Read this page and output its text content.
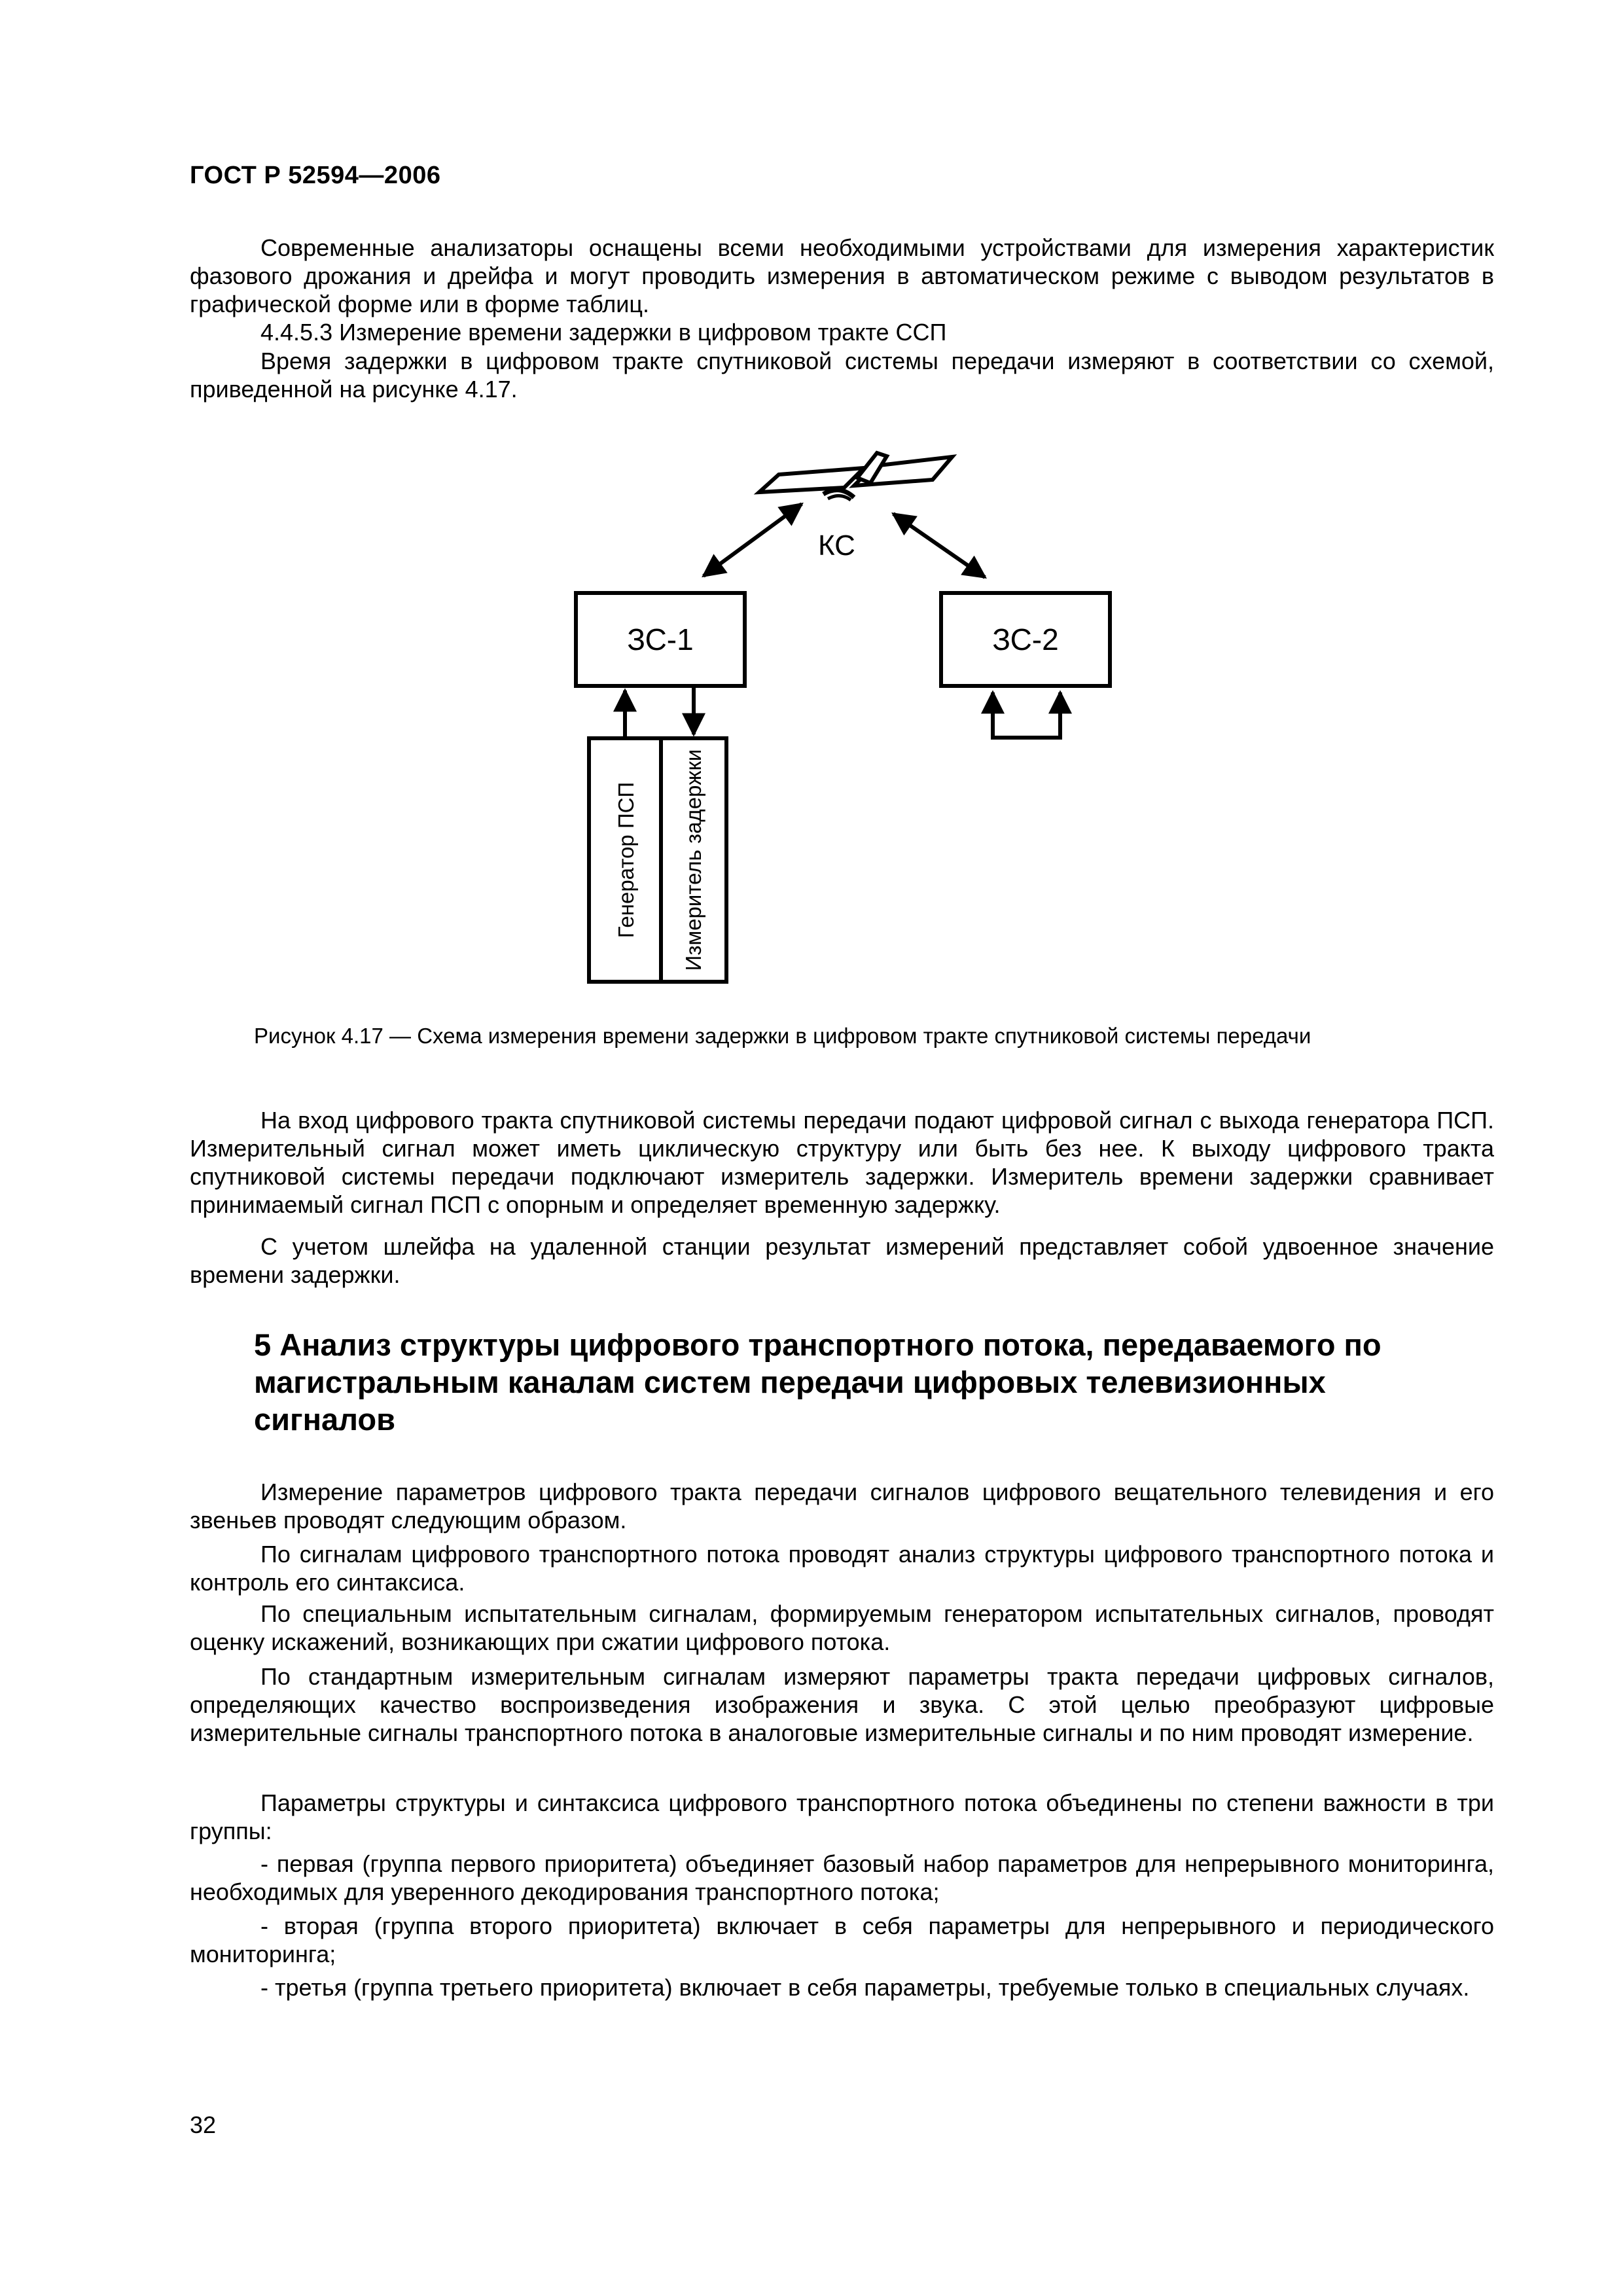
ГОСТ Р 52594—2006
Современные анализаторы оснащены всеми необходимыми устройствами для измерения характеристик фазового дрожания и дрейфа и могут проводить измерения в автоматическом режиме с выводом результатов в графической форме или в форме таблиц.
4.4.5.3 Измерение времени задержки в цифровом тракте ССП
Время задержки в цифровом тракте спутниковой системы передачи измеряют в соответствии со схемой, приведенной на рисунке 4.17.
КС
ЗС-1	ЗС-2
Генератор ПСП Измеритель задержки
Рисунок 4.17 — Схема измерения времени задержки в цифровом тракте спутниковой системы передачи
На вход цифрового тракта спутниковой системы передачи подают цифровой сигнал с выхода генератора ПСП. Измерительный сигнал может иметь циклическую структуру или быть без нее. К выходу цифрового тракта спутниковой системы передачи подключают измеритель задержки. Измеритель времени задержки сравнивает принимаемый сигнал ПСП с опорным и определяет временную задержку.
С учетом шлейфа на удаленной станции результат измерений представляет собой удвоенное значение времени задержки.
5 Анализ структуры цифрового транспортного потока, передаваемого по магистральным каналам систем передачи цифровых телевизионных сигналов
Измерение параметров цифрового тракта передачи сигналов цифрового вещательного телевидения и его звеньев проводят следующим образом.
По сигналам цифрового транспортного потока проводят анализ структуры цифрового транспортного потока и контроль его синтаксиса.
По специальным испытательным сигналам, формируемым генератором испытательных сигналов, проводят оценку искажений, возникающих при сжатии цифрового потока.
По стандартным измерительным сигналам измеряют параметры тракта передачи цифровых сигналов, определяющих качество воспроизведения изображения и звука. С этой целью преобразуют цифровые измерительные сигналы транспортного потока в аналоговые измерительные сигналы и по ним проводят измерение.
Параметры структуры и синтаксиса цифрового транспортного потока объединены по степени важности в три группы:
- первая (группа первого приоритета) объединяет базовый набор параметров для непрерывного мониторинга, необходимых для уверенного декодирования транспортного потока;
- вторая (группа второго приоритета) включает в себя параметры для непрерывного и периодического мониторинга;
- третья (группа третьего приоритета) включает в себя параметры, требуемые только в специальных случаях.
32
